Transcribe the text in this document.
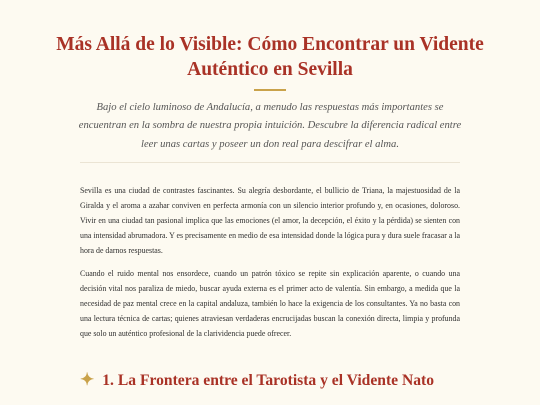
Más Allá de lo Visible: Cómo Encontrar un Vidente Auténtico en Sevilla

Bajo el cielo luminoso de Andalucía, a menudo las respuestas más importantes se encuentran en la sombra de nuestra propia intuición. Descubre la diferencia radical entre leer unas cartas y poseer un don real para descifrar el alma.

Sevilla es una ciudad de contrastes fascinantes. Su alegría desbordante, el bullicio de Triana, la majestuosidad de la Giralda y el aroma a azahar conviven en perfecta armonía con un silencio interior profundo y, en ocasiones, doloroso. Vivir en una ciudad tan pasional implica que las emociones (el amor, la decepción, el éxito y la pérdida) se sienten con una intensidad abrumadora. Y es precisamente en medio de esa intensidad donde la lógica pura y dura suele fracasar a la hora de darnos respuestas.

Cuando el ruido mental nos ensordece, cuando un patrón tóxico se repite sin explicación aparente, o cuando una decisión vital nos paraliza de miedo, buscar ayuda externa es el primer acto de valentía. Sin embargo, a medida que la necesidad de paz mental crece en la capital andaluza, también lo hace la exigencia de los consultantes. Ya no basta con una lectura técnica de cartas; quienes atraviesan verdaderas encrucijadas buscan la conexión directa, limpia y profunda que solo un auténtico profesional de la clarividencia puede ofrecer.

✦ 1. La Frontera entre el Tarotista y el Vidente Nato
